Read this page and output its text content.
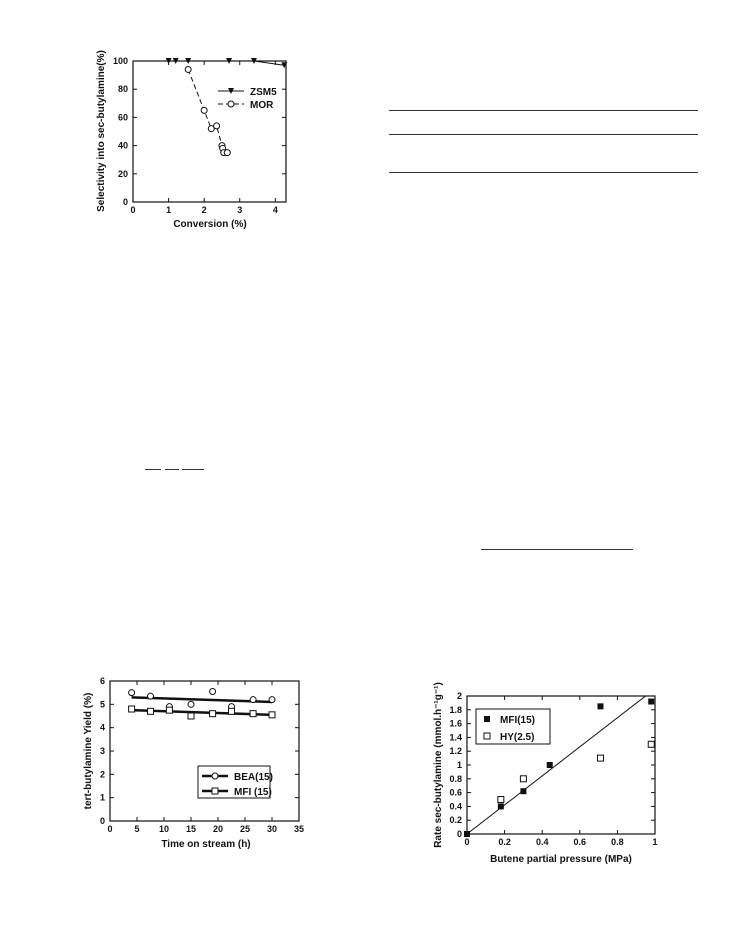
0	1	2	3	4
0
20
40
60
80
100
Conversion (%)
Selectivity into sec-butylamine(%)	ZSM5
MOR
0 5 10 15 20 25 30 35
0
1
2
3
4
5
6
Time on stream (h)
tert-butylamine Yield (%)	BEA(15)
MFI (15)
0	0.2	0.4	0.6	0.8	1
0
0.2
0.4
0.6
0.8
1
1.2
1.4
1.6
1.8
2
Butene partial pressure (MPa)
Rate sec-butylamine (mmol.h⁻¹g⁻¹)	MFI(15)
HY(2.5)
